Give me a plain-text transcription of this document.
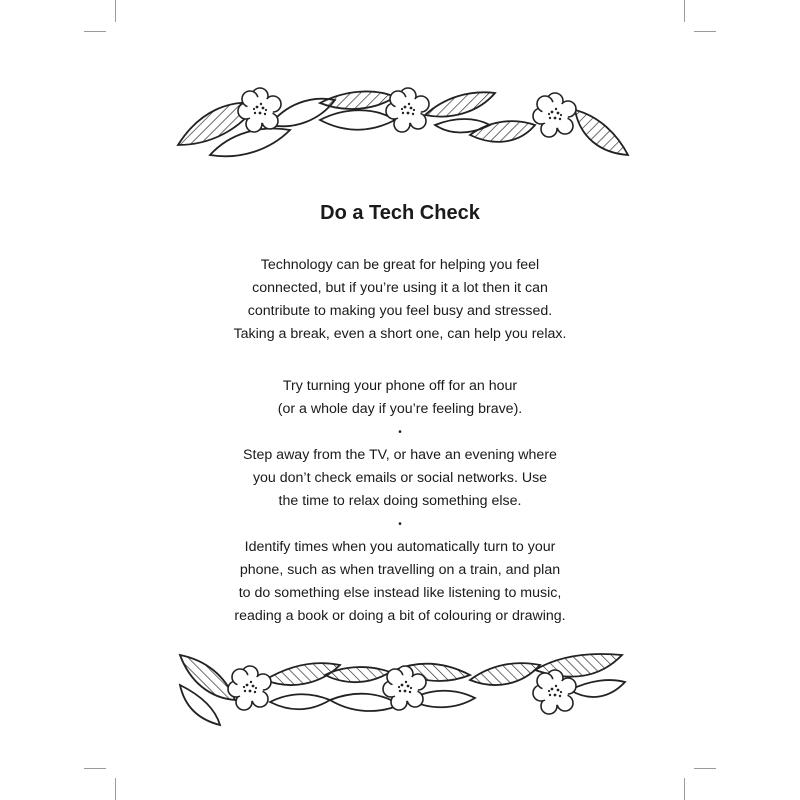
Do a Tech Check
Technology can be great for helping you feel
connected, but if you’re using it a lot then it can
contribute to making you feel busy and stressed.
Taking a break, even a short one, can help you relax.
Try turning your phone off for an hour
(or a whole day if you’re feeling brave).
•
Step away from the TV, or have an evening where
you don’t check emails or social networks. Use
the time to relax doing something else.
•
Identify times when you automatically turn to your
phone, such as when travelling on a train, and plan
to do something else instead like listening to music,
reading a book or doing a bit of colouring or drawing.
